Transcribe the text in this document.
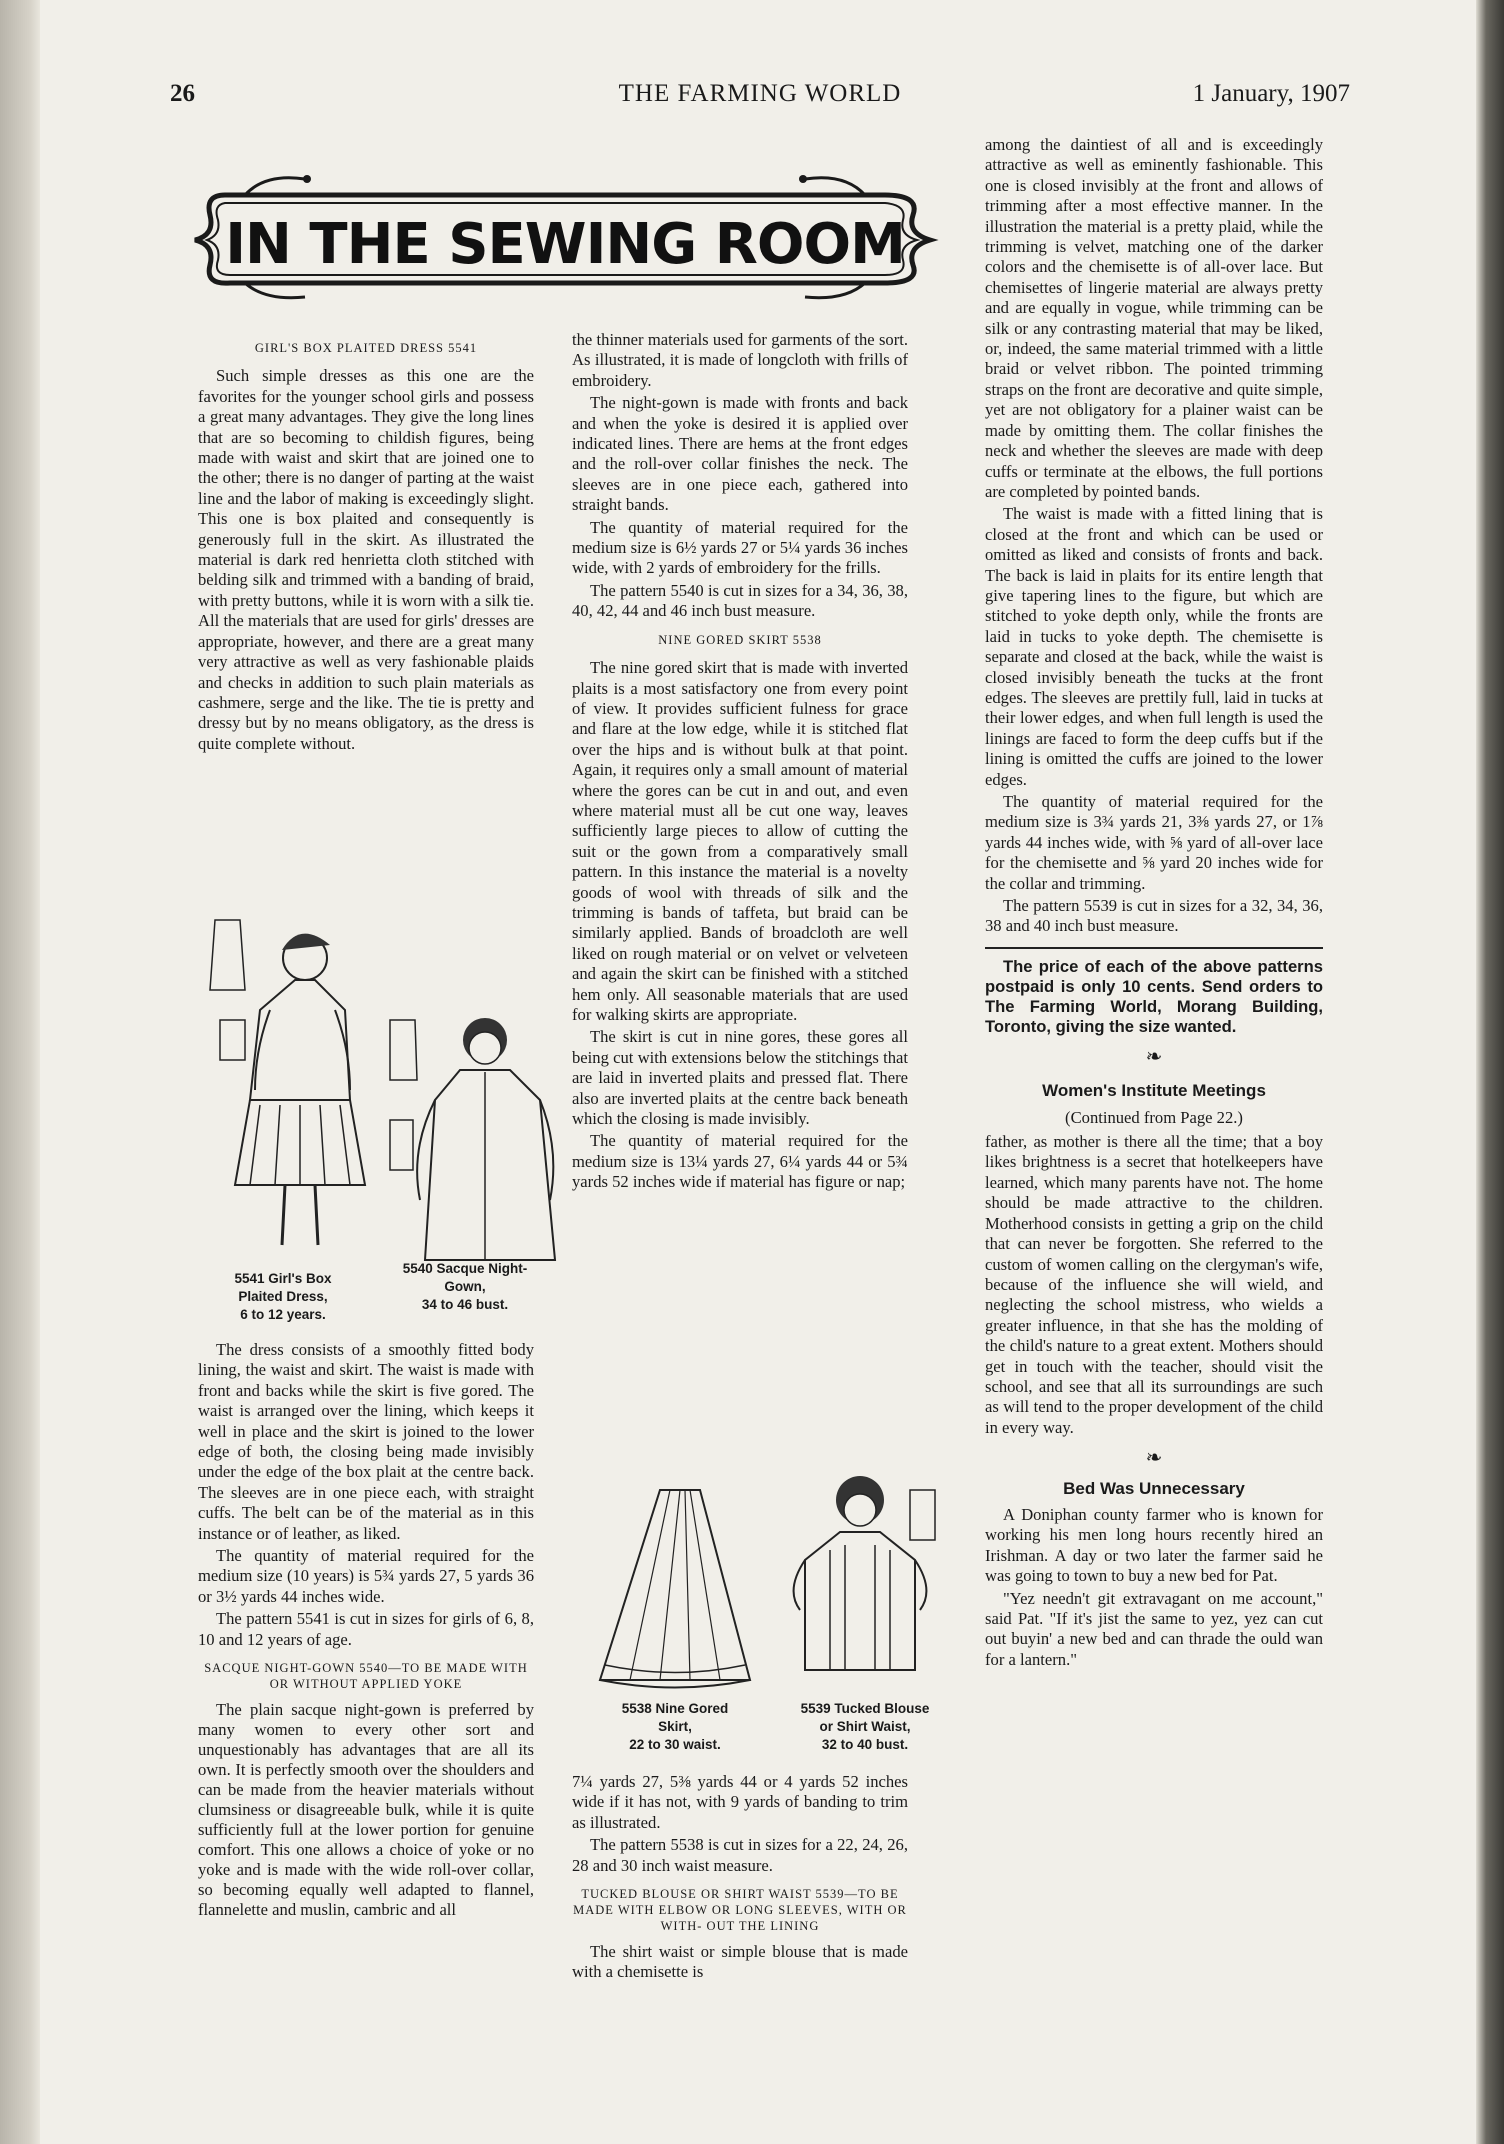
26	THE FARMING WORLD	1 January, 1907
IN THE SEWING ROOM

GIRL'S BOX PLAITED DRESS 5541

Such simple dresses as this one are the favorites for the younger school girls and possess a great many advantages. They give the long lines that are so becoming to childish figures, being made with waist and skirt that are joined one to the other; there is no danger of parting at the waist line and the labor of making is exceedingly slight. This one is box plaited and consequently is generously full in the skirt. As illustrated the material is dark red henrietta cloth stitched with belding silk and trimmed with a banding of braid, with pretty buttons, while it is worn with a silk tie. All the materials that are used for girls' dresses are appropriate, however, and there are a great many very attractive as well as very fashionable plaids and checks in addition to such plain materials as cashmere, serge and the like. The tie is pretty and dressy but by no means obligatory, as the dress is quite complete without.

5541 Girl's Box
Plaited Dress,
6 to 12 years.
5540 Sacque Night-
Gown,
34 to 46 bust.

The dress consists of a smoothly fitted body lining, the waist and skirt. The waist is made with front and backs while the skirt is five gored. The waist is arranged over the lining, which keeps it well in place and the skirt is joined to the lower edge of both, the closing being made invisibly under the edge of the box plait at the centre back. The sleeves are in one piece each, with straight cuffs. The belt can be of the material as in this instance or of leather, as liked.

The quantity of material required for the medium size (10 years) is 5¾ yards 27, 5 yards 36 or 3½ yards 44 inches wide.

The pattern 5541 is cut in sizes for girls of 6, 8, 10 and 12 years of age.

SACQUE NIGHT-GOWN 5540—TO BE MADE WITH OR WITHOUT APPLIED YOKE

The plain sacque night-gown is preferred by many women to every other sort and unquestionably has advantages that are all its own. It is perfectly smooth over the shoulders and can be made from the heavier materials without clumsiness or disagreeable bulk, while it is quite sufficiently full at the lower portion for genuine comfort. This one allows a choice of yoke or no yoke and is made with the wide roll-over collar, so becoming equally well adapted to flannel, flannelette and muslin, cambric and all

the thinner materials used for garments of the sort. As illustrated, it is made of longcloth with frills of embroidery.

The night-gown is made with fronts and back and when the yoke is desired it is applied over indicated lines. There are hems at the front edges and the roll-over collar finishes the neck. The sleeves are in one piece each, gathered into straight bands.

The quantity of material required for the medium size is 6½ yards 27 or 5¼ yards 36 inches wide, with 2 yards of embroidery for the frills.

The pattern 5540 is cut in sizes for a 34, 36, 38, 40, 42, 44 and 46 inch bust measure.

NINE GORED SKIRT 5538

The nine gored skirt that is made with inverted plaits is a most satisfactory one from every point of view. It provides sufficient fulness for grace and flare at the low edge, while it is stitched flat over the hips and is without bulk at that point. Again, it requires only a small amount of material where the gores can be cut in and out, and even where material must all be cut one way, leaves sufficiently large pieces to allow of cutting the suit or the gown from a comparatively small pattern. In this instance the material is a novelty goods of wool with threads of silk and the trimming is bands of taffeta, but braid can be similarly applied. Bands of broadcloth are well liked on rough material or on velvet or velveteen and again the skirt can be finished with a stitched hem only. All seasonable materials that are used for walking skirts are appropriate.

The skirt is cut in nine gores, these gores all being cut with extensions below the stitchings that are laid in inverted plaits and pressed flat. There also are inverted plaits at the centre back beneath which the closing is made invisibly.

The quantity of material required for the medium size is 13¼ yards 27, 6¼ yards 44 or 5¾ yards 52 inches wide if material has figure or nap;

5538 Nine Gored
Skirt,
22 to 30 waist.
5539 Tucked Blouse
or Shirt Waist,
32 to 40 bust.

7¼ yards 27, 5⅜ yards 44 or 4 yards 52 inches wide if it has not, with 9 yards of banding to trim as illustrated.

The pattern 5538 is cut in sizes for a 22, 24, 26, 28 and 30 inch waist measure.

TUCKED BLOUSE OR SHIRT WAIST 5539—TO BE MADE WITH ELBOW OR LONG SLEEVES, WITH OR WITH- OUT THE LINING

The shirt waist or simple blouse that is made with a chemisette is

among the daintiest of all and is exceedingly attractive as well as eminently fashionable. This one is closed invisibly at the front and allows of trimming after a most effective manner. In the illustration the material is a pretty plaid, while the trimming is velvet, matching one of the darker colors and the chemisette is of all-over lace. But chemisettes of lingerie material are always pretty and are equally in vogue, while trimming can be silk or any contrasting material that may be liked, or, indeed, the same material trimmed with a little braid or velvet ribbon. The pointed trimming straps on the front are decorative and quite simple, yet are not obligatory for a plainer waist can be made by omitting them. The collar finishes the neck and whether the sleeves are made with deep cuffs or terminate at the elbows, the full portions are completed by pointed bands.

The waist is made with a fitted lining that is closed at the front and which can be used or omitted as liked and consists of fronts and back. The back is laid in plaits for its entire length that give tapering lines to the figure, but which are stitched to yoke depth only, while the fronts are laid in tucks to yoke depth. The chemisette is separate and closed at the back, while the waist is closed invisibly beneath the tucks at the front edges. The sleeves are prettily full, laid in tucks at their lower edges, and when full length is used the linings are faced to form the deep cuffs but if the lining is omitted the cuffs are joined to the lower edges.

The quantity of material required for the medium size is 3¾ yards 21, 3⅜ yards 27, or 1⅞ yards 44 inches wide, with ⅝ yard of all-over lace for the chemisette and ⅝ yard 20 inches wide for the collar and trimming.

The pattern 5539 is cut in sizes for a 32, 34, 36, 38 and 40 inch bust measure.

The price of each of the above patterns postpaid is only 10 cents. Send orders to The Farming World, Morang Building, Toronto, giving the size wanted.

❧

Women's Institute Meetings

(Continued from Page 22.)

father, as mother is there all the time; that a boy likes brightness is a secret that hotelkeepers have learned, which many parents have not. The home should be made attractive to the children. Motherhood consists in getting a grip on the child that can never be forgotten. She referred to the custom of women calling on the clergyman's wife, because of the influence she will wield, and neglecting the school mistress, who wields a greater influence, in that she has the molding of the child's nature to a great extent. Mothers should get in touch with the teacher, should visit the school, and see that all its surroundings are such as will tend to the proper development of the child in every way.

❧

Bed Was Unnecessary

A Doniphan county farmer who is known for working his men long hours recently hired an Irishman. A day or two later the farmer said he was going to town to buy a new bed for Pat.

"Yez needn't git extravagant on me account," said Pat. "If it's jist the same to yez, yez can cut out buyin' a new bed and can thrade the ould wan for a lantern."
